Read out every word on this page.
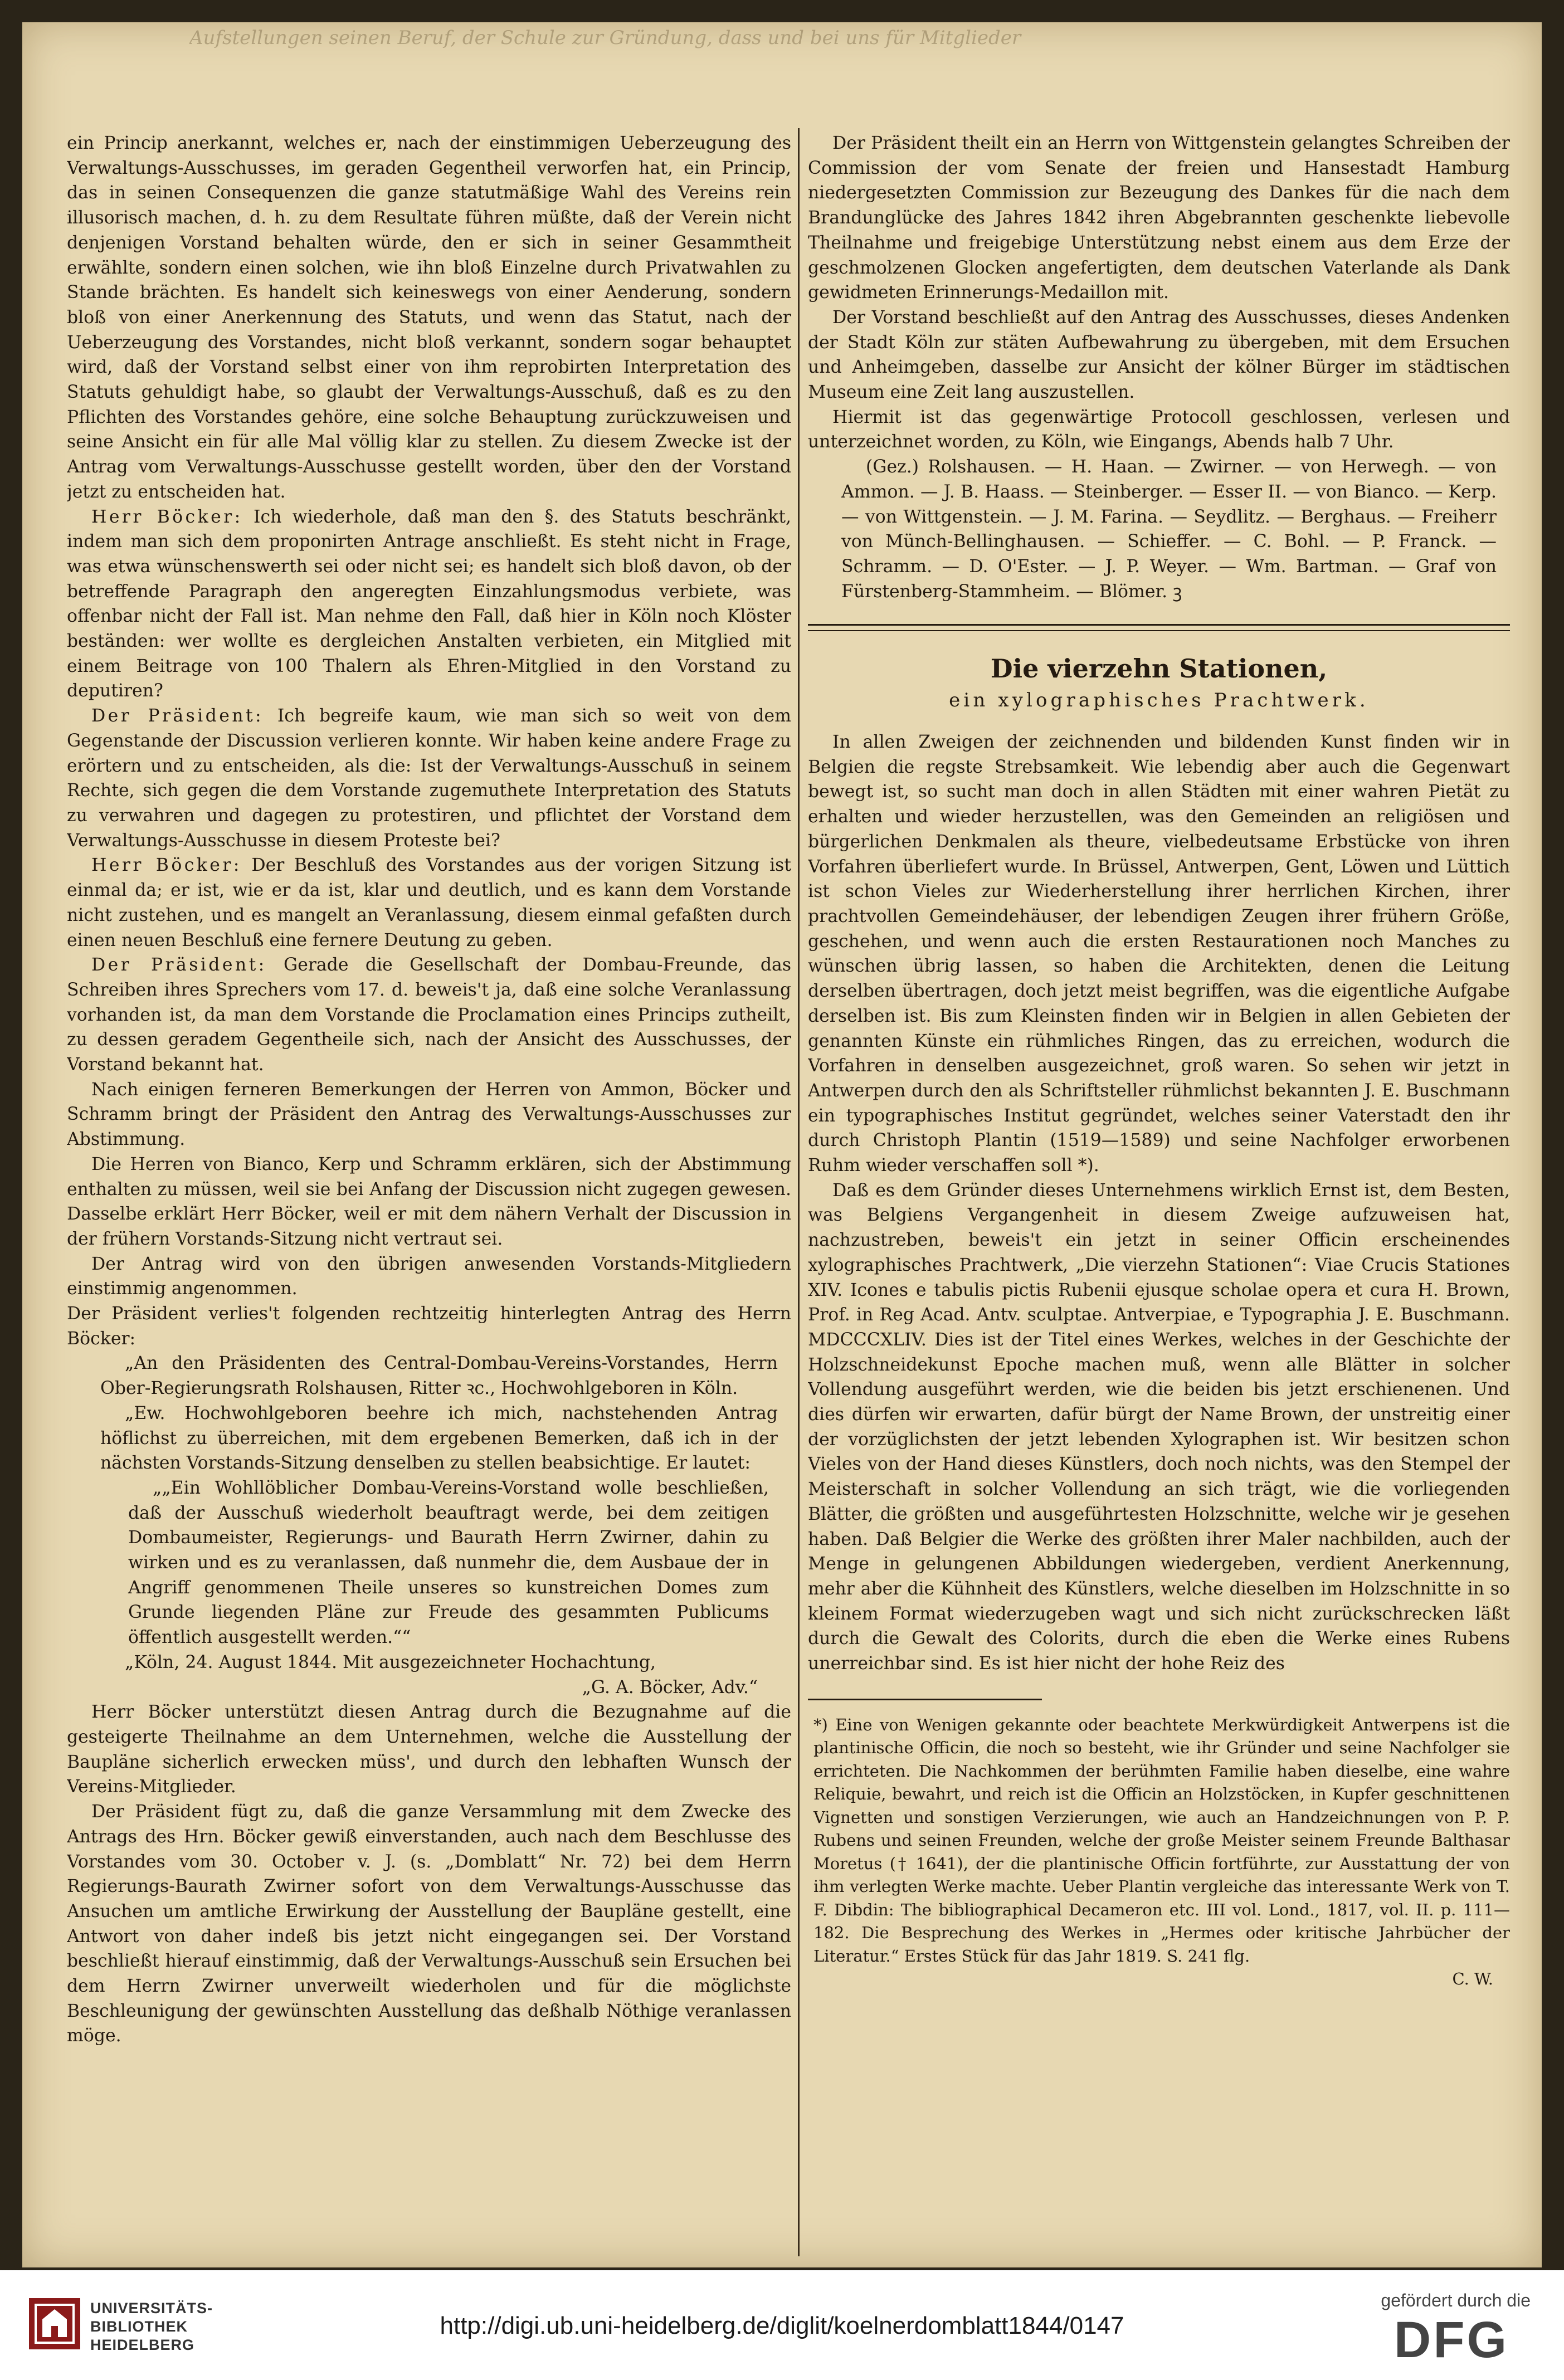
Aufstellungen seinen Beruf, der Schule zur Gründung, dass und bei uns für Mitglieder

ein Princip anerkannt, welches er, nach der einstimmigen Ueberzeugung des Verwaltungs-Ausschusses, im geraden Gegentheil verworfen hat, ein Princip, das in seinen Consequenzen die ganze statutmäßige Wahl des Vereins rein illusorisch machen, d. h. zu dem Resultate führen müßte, daß der Verein nicht denjenigen Vorstand behalten würde, den er sich in seiner Gesammtheit erwählte, sondern einen solchen, wie ihn bloß Einzelne durch Privatwahlen zu Stande brächten. Es handelt sich keineswegs von einer Aenderung, sondern bloß von einer Anerkennung des Statuts, und wenn das Statut, nach der Ueberzeugung des Vorstandes, nicht bloß verkannt, sondern sogar behauptet wird, daß der Vorstand selbst einer von ihm reprobirten Interpretation des Statuts gehuldigt habe, so glaubt der Verwaltungs-Ausschuß, daß es zu den Pflichten des Vorstandes gehöre, eine solche Behauptung zurückzuweisen und seine Ansicht ein für alle Mal völlig klar zu stellen. Zu diesem Zwecke ist der Antrag vom Verwaltungs-Ausschusse gestellt worden, über den der Vorstand jetzt zu entscheiden hat.

Herr Böcker: Ich wiederhole, daß man den §. des Statuts beschränkt, indem man sich dem proponirten Antrage anschließt. Es steht nicht in Frage, was etwa wünschenswerth sei oder nicht sei; es handelt sich bloß davon, ob der betreffende Paragraph den angeregten Einzahlungsmodus verbiete, was offenbar nicht der Fall ist. Man nehme den Fall, daß hier in Köln noch Klöster beständen: wer wollte es dergleichen Anstalten verbieten, ein Mitglied mit einem Beitrage von 100 Thalern als Ehren-Mitglied in den Vorstand zu deputiren?

Der Präsident: Ich begreife kaum, wie man sich so weit von dem Gegenstande der Discussion verlieren konnte. Wir haben keine andere Frage zu erörtern und zu entscheiden, als die: Ist der Verwaltungs-Ausschuß in seinem Rechte, sich gegen die dem Vorstande zugemuthete Interpretation des Statuts zu verwahren und dagegen zu protestiren, und pflichtet der Vorstand dem Verwaltungs-Ausschusse in diesem Proteste bei?

Herr Böcker: Der Beschluß des Vorstandes aus der vorigen Sitzung ist einmal da; er ist, wie er da ist, klar und deutlich, und es kann dem Vorstande nicht zustehen, und es mangelt an Veranlassung, diesem einmal gefaßten durch einen neuen Beschluß eine fernere Deutung zu geben.

Der Präsident: Gerade die Gesellschaft der Dombau-Freunde, das Schreiben ihres Sprechers vom 17. d. beweis't ja, daß eine solche Veranlassung vorhanden ist, da man dem Vorstande die Proclamation eines Princips zutheilt, zu dessen geradem Gegentheile sich, nach der Ansicht des Ausschusses, der Vorstand bekannt hat.

Nach einigen ferneren Bemerkungen der Herren von Ammon, Böcker und Schramm bringt der Präsident den Antrag des Verwaltungs-Ausschusses zur Abstimmung.

Die Herren von Bianco, Kerp und Schramm erklären, sich der Abstimmung enthalten zu müssen, weil sie bei Anfang der Discussion nicht zugegen gewesen. Dasselbe erklärt Herr Böcker, weil er mit dem nähern Verhalt der Discussion in der frühern Vorstands-Sitzung nicht vertraut sei.

Der Antrag wird von den übrigen anwesenden Vorstands-Mitgliedern einstimmig angenommen.

Der Präsident verlies't folgenden rechtzeitig hinterlegten Antrag des Herrn Böcker:

„An den Präsidenten des Central-Dombau-Vereins-Vorstandes, Herrn Ober-Regierungsrath Rolshausen, Ritter ꝛc., Hochwohlgeboren in Köln.

„Ew. Hochwohlgeboren beehre ich mich, nachstehenden Antrag höflichst zu überreichen, mit dem ergebenen Bemerken, daß ich in der nächsten Vorstands-Sitzung denselben zu stellen beabsichtige. Er lautet:

„„Ein Wohllöblicher Dombau-Vereins-Vorstand wolle beschließen, daß der Ausschuß wiederholt beauftragt werde, bei dem zeitigen Dombaumeister, Regierungs- und Baurath Herrn Zwirner, dahin zu wirken und es zu veranlassen, daß nunmehr die, dem Ausbaue der in Angriff genommenen Theile unseres so kunstreichen Domes zum Grunde liegenden Pläne zur Freude des gesammten Publicums öffentlich ausgestellt werden.““

„Köln, 24. August 1844. Mit ausgezeichneter Hochachtung,

„G. A. Böcker, Adv.“

Herr Böcker unterstützt diesen Antrag durch die Bezugnahme auf die gesteigerte Theilnahme an dem Unternehmen, welche die Ausstellung der Baupläne sicherlich erwecken müss', und durch den lebhaften Wunsch der Vereins-Mitglieder.

Der Präsident fügt zu, daß die ganze Versammlung mit dem Zwecke des Antrags des Hrn. Böcker gewiß einverstanden, auch nach dem Beschlusse des Vorstandes vom 30. October v. J. (s. „Domblatt“ Nr. 72) bei dem Herrn Regierungs-Baurath Zwirner sofort von dem Verwaltungs-Ausschusse das Ansuchen um amtliche Erwirkung der Ausstellung der Baupläne gestellt, eine Antwort von daher indeß bis jetzt nicht eingegangen sei. Der Vorstand beschließt hierauf einstimmig, daß der Verwaltungs-Ausschuß sein Ersuchen bei dem Herrn Zwirner unverweilt wiederholen und für die möglichste Beschleunigung der gewünschten Ausstellung das deßhalb Nöthige veranlassen möge.

Der Präsident theilt ein an Herrn von Wittgenstein gelangtes Schreiben der Commission der vom Senate der freien und Hansestadt Hamburg niedergesetzten Commission zur Bezeugung des Dankes für die nach dem Brandunglücke des Jahres 1842 ihren Abgebrannten geschenkte liebevolle Theilnahme und freigebige Unterstützung nebst einem aus dem Erze der geschmolzenen Glocken angefertigten, dem deutschen Vaterlande als Dank gewidmeten Erinnerungs-Medaillon mit.

Der Vorstand beschließt auf den Antrag des Ausschusses, dieses Andenken der Stadt Köln zur stäten Aufbewahrung zu übergeben, mit dem Ersuchen und Anheimgeben, dasselbe zur Ansicht der kölner Bürger im städtischen Museum eine Zeit lang auszustellen.

Hiermit ist das gegenwärtige Protocoll geschlossen, verlesen und unterzeichnet worden, zu Köln, wie Eingangs, Abends halb 7 Uhr.

(Gez.) Rolshausen. — H. Haan. — Zwirner. — von Herwegh. — von Ammon. — J. B. Haass. — Steinberger. — Esser II. — von Bianco. — Kerp. — von Wittgenstein. — J. M. Farina. — Seydlitz. — Berghaus. — Freiherr von Münch-Bellinghausen. — Schieffer. — C. Bohl. — P. Franck. — Schramm. — D. O'Ester. — J. P. Weyer. — Wm. Bartman. — Graf von Fürstenberg-Stammheim. — Blömer. ꝫ

Die vierzehn Stationen,
ein xylographisches Prachtwerk.

In allen Zweigen der zeichnenden und bildenden Kunst finden wir in Belgien die regste Strebsamkeit. Wie lebendig aber auch die Gegenwart bewegt ist, so sucht man doch in allen Städten mit einer wahren Pietät zu erhalten und wieder herzustellen, was den Gemeinden an religiösen und bürgerlichen Denkmalen als theure, vielbedeutsame Erbstücke von ihren Vorfahren überliefert wurde. In Brüssel, Antwerpen, Gent, Löwen und Lüttich ist schon Vieles zur Wiederherstellung ihrer herrlichen Kirchen, ihrer prachtvollen Gemeindehäuser, der lebendigen Zeugen ihrer frühern Größe, geschehen, und wenn auch die ersten Restaurationen noch Manches zu wünschen übrig lassen, so haben die Architekten, denen die Leitung derselben übertragen, doch jetzt meist begriffen, was die eigentliche Aufgabe derselben ist. Bis zum Kleinsten finden wir in Belgien in allen Gebieten der genannten Künste ein rühmliches Ringen, das zu erreichen, wodurch die Vorfahren in denselben ausgezeichnet, groß waren. So sehen wir jetzt in Antwerpen durch den als Schriftsteller rühmlichst bekannten J. E. Buschmann ein typographisches Institut gegründet, welches seiner Vaterstadt den ihr durch Christoph Plantin (1519—1589) und seine Nachfolger erworbenen Ruhm wieder verschaffen soll *).

Daß es dem Gründer dieses Unternehmens wirklich Ernst ist, dem Besten, was Belgiens Vergangenheit in diesem Zweige aufzuweisen hat, nachzustreben, beweis't ein jetzt in seiner Officin erscheinendes xylographisches Prachtwerk, „Die vierzehn Stationen“: Viae Crucis Stationes XIV. Icones e tabulis pictis Rubenii ejusque scholae opera et cura H. Brown, Prof. in Reg Acad. Antv. sculptae. Antverpiae, e Typographia J. E. Buschmann. MDCCCXLIV. Dies ist der Titel eines Werkes, welches in der Geschichte der Holzschneidekunst Epoche machen muß, wenn alle Blätter in solcher Vollendung ausgeführt werden, wie die beiden bis jetzt erschienenen. Und dies dürfen wir erwarten, dafür bürgt der Name Brown, der unstreitig einer der vorzüglichsten der jetzt lebenden Xylographen ist. Wir besitzen schon Vieles von der Hand dieses Künstlers, doch noch nichts, was den Stempel der Meisterschaft in solcher Vollendung an sich trägt, wie die vorliegenden Blätter, die größten und ausgeführtesten Holzschnitte, welche wir je gesehen haben. Daß Belgier die Werke des größten ihrer Maler nachbilden, auch der Menge in gelungenen Abbildungen wiedergeben, verdient Anerkennung, mehr aber die Kühnheit des Künstlers, welche dieselben im Holzschnitte in so kleinem Format wiederzugeben wagt und sich nicht zurückschrecken läßt durch die Gewalt des Colorits, durch die eben die Werke eines Rubens unerreichbar sind. Es ist hier nicht der hohe Reiz des

*) Eine von Wenigen gekannte oder beachtete Merkwürdigkeit Antwerpens ist die plantinische Officin, die noch so besteht, wie ihr Gründer und seine Nachfolger sie errichteten. Die Nachkommen der berühmten Familie haben dieselbe, eine wahre Reliquie, bewahrt, und reich ist die Officin an Holzstöcken, in Kupfer geschnittenen Vignetten und sonstigen Verzierungen, wie auch an Handzeichnungen von P. P. Rubens und seinen Freunden, welche der große Meister seinem Freunde Balthasar Moretus († 1641), der die plantinische Officin fortführte, zur Ausstattung der von ihm verlegten Werke machte. Ueber Plantin vergleiche das interessante Werk von T. F. Dibdin: The bibliographical Decameron etc. III vol. Lond., 1817, vol. II. p. 111—182. Die Besprechung des Werkes in „Hermes oder kritische Jahrbücher der Literatur.“ Erstes Stück für das Jahr 1819. S. 241 flg.

C. W.

UNIVERSITÄTS-
BIBLIOTHEK
HEIDELBERG
http://digi.ub.uni-heidelberg.de/diglit/koelnerdomblatt1844/0147
gefördert durch die
DFG
